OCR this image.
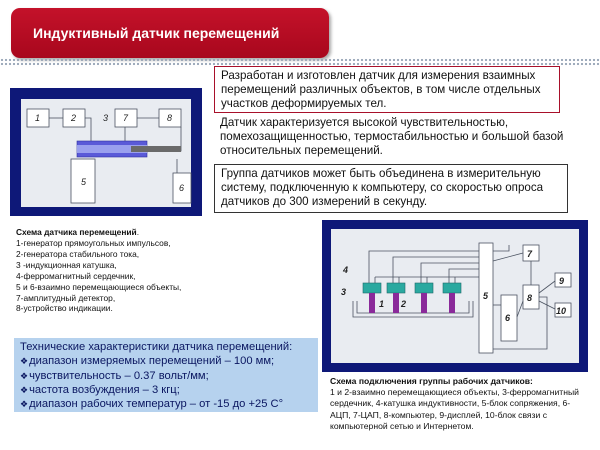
Индуктивный датчик перемещений
Разработан и изготовлен датчик для измерения взаимных перемещений различных объектов, в том числе отдельных участков деформируемых тел.
Датчик характеризуется высокой чувствительностью, помехозащищенностью, термостабильностью и большой базой относительных перемещений.
Группа датчиков может быть объединена в измерительную систему, подключенную к компьютеру, со скоростью опроса датчиков до 300 измерений в секунду.
1	2	3 7	8
5
6
Схема датчика перемещений.
1-генератор прямоугольных импульсов,
2-генератора стабильного тока,
3 -индукционная катушка,
4-ферромагнитный сердечник,
5 и 6-взаимно перемещающиеся объекты,
7-амплитудный детектор,
8-устройство индикации.
Технические характеристики датчика перемещений:
❖ диапазон измеряемых перемещений – 100 мм;
❖ чувствительность – 0.37 вольт/мм;
❖ частота возбуждения – 3 кгц;
❖ диапазон рабочих температур – от -15 до +25 С°
4
3
1 2
5
6
7
8
9
10
Схема подключения группы рабочих датчиков:
1 и 2-взаимно перемещающиеся объекты, 3-ферромагнитный сердечник, 4-катушка индуктивности, 5-блок сопряжения, 6-АЦП, 7-ЦАП, 8-компьютер, 9-дисплей, 10-блок связи с компьютерной сетью и Интернетом.
